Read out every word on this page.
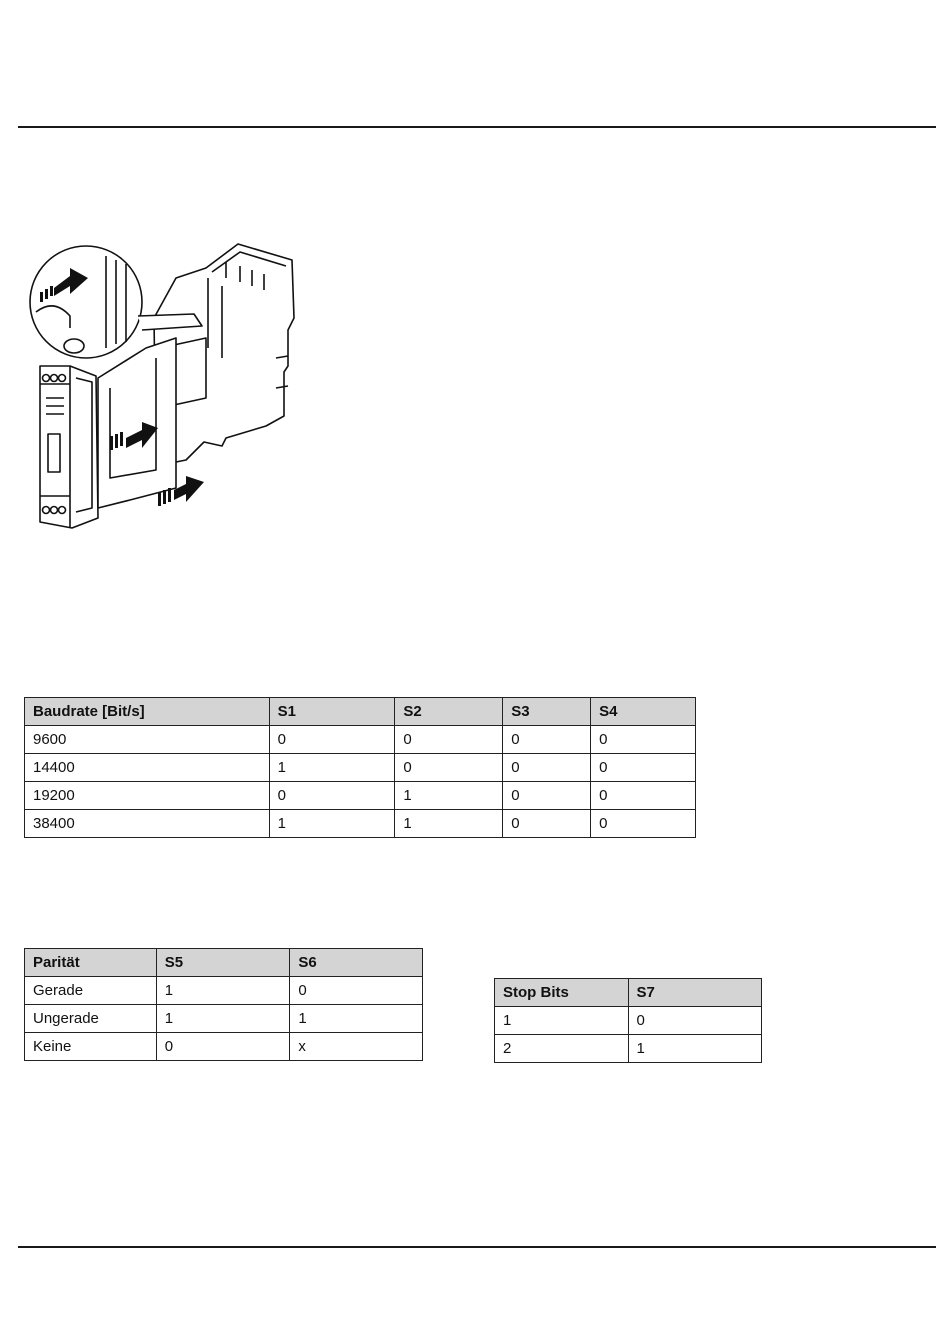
Baudrate [Bit/s]	S1	S2	S3	S4
9600	0	0	0	0
14400	1	0	0	0
19200	0	1	0	0
38400	1	1	0	0
Parität	S5	S6
Gerade	1	0
Ungerade	1	1
Keine	0	x
Stop Bits	S7
1	0
2	1
